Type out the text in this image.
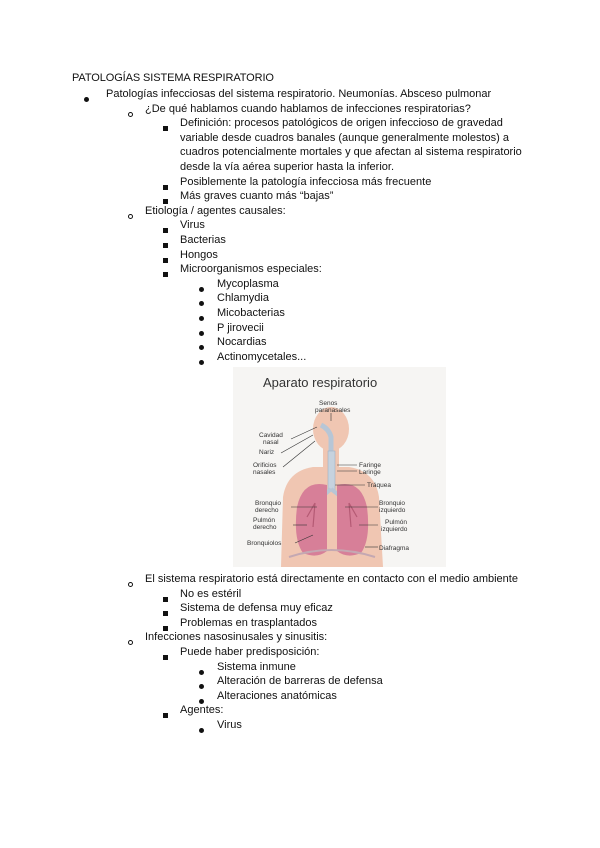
PATOLOGÍAS SISTEMA RESPIRATORIO
Patologías infecciosas del sistema respiratorio. Neumonías. Absceso pulmonar
¿De qué hablamos cuando hablamos de infecciones respiratorias?
Definición: procesos patológicos de origen infeccioso de gravedad
variable desde cuadros banales (aunque generalmente molestos) a
cuadros potencialmente mortales y que afectan al sistema respiratorio
desde la vía aérea superior hasta la inferior.
Posiblemente la patología infecciosa más frecuente
Más graves cuanto más “bajas”
Etiología / agentes causales:
Virus
Bacterias
Hongos
Microorganismos especiales:
Mycoplasma
Chlamydia
Micobacterias
P jirovecii
Nocardias
Actinomycetales...
Aparato respiratorio
Senos
paranasales
Cavidad
nasal
Nariz
Orificios
nasales
Faringe
Laringe
Tráquea
Bronquio
derecho
Bronquio
izquierdo
Pulmón
derecho
Pulmón
izquierdo
Bronquiolos
Diafragma
El sistema respiratorio está directamente en contacto con el medio ambiente
No es estéril
Sistema de defensa muy eficaz
Problemas en trasplantados
Infecciones nasosinusales y sinusitis:
Puede haber predisposición:
Sistema inmune
Alteración de barreras de defensa
Alteraciones anatómicas
Agentes:
Virus
